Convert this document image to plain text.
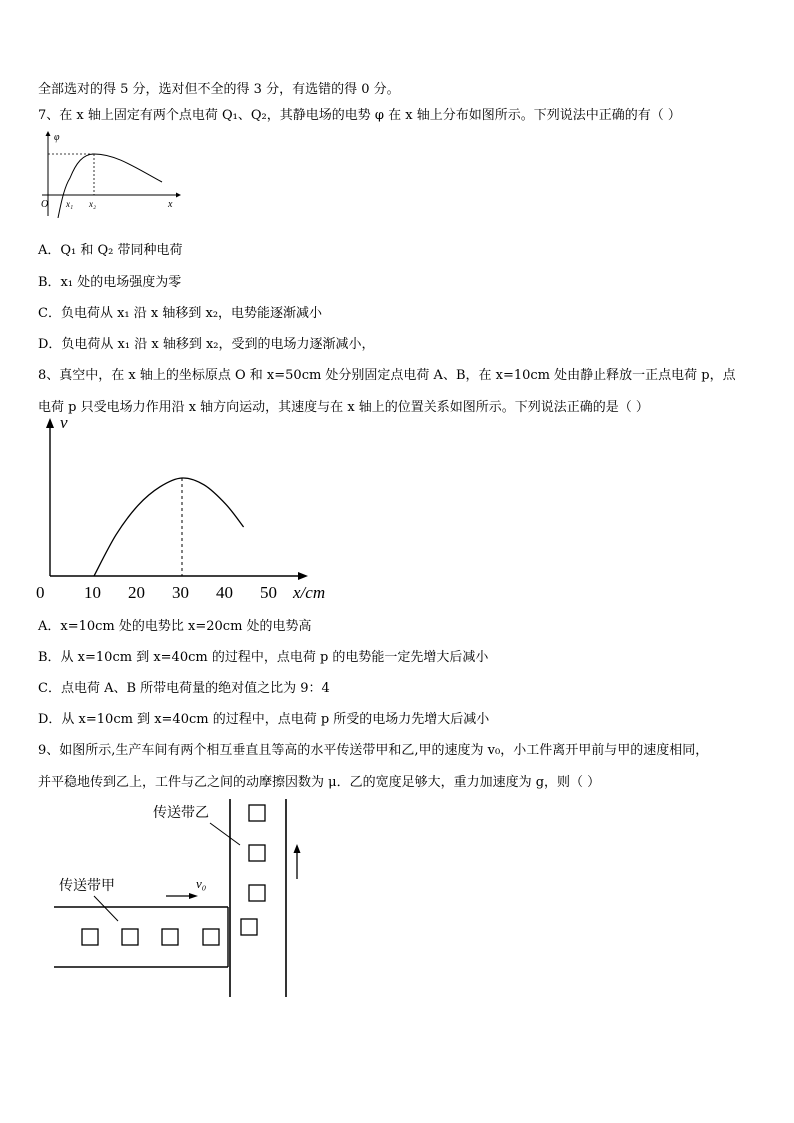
全部选对的得 5 分，选对但不全的得 3 分，有选错的得 0 分。
7、在 x 轴上固定有两个点电荷 Q₁、Q₂，其静电场的电势 φ 在 x 轴上分布如图所示。下列说法中正确的有（ ）
φ
O x₁ x₂	x
A．Q₁ 和 Q₂ 带同种电荷
B．x₁ 处的电场强度为零
C．负电荷从 x₁ 沿 x 轴移到 x₂，电势能逐渐减小
D．负电荷从 x₁ 沿 x 轴移到 x₂，受到的电场力逐渐减小，
8、真空中，在 x 轴上的坐标原点 O 和 x=50cm 处分别固定点电荷 A、B，在 x=10cm 处由静止释放一正点电荷 p，点
电荷 p 只受电场力作用沿 x 轴方向运动，其速度与在 x 轴上的位置关系如图所示。下列说法正确的是（ ）
v
x/cm
0 10 20 30 40 50
A．x=10cm 处的电势比 x=20cm 处的电势高
B．从 x=10cm 到 x=40cm 的过程中，点电荷 p 的电势能一定先增大后减小
C．点电荷 A、B 所带电荷量的绝对值之比为 9：4
D．从 x=10cm 到 x=40cm 的过程中，点电荷 p 所受的电场力先增大后减小
9、如图所示,生产车间有两个相互垂直且等高的水平传送带甲和乙,甲的速度为 v₀，小工件离开甲前与甲的速度相同，
并平稳地传到乙上，工件与乙之间的动摩擦因数为 μ．乙的宽度足够大，重力加速度为 g，则（ ）
v₀
传送带乙
传送带甲
